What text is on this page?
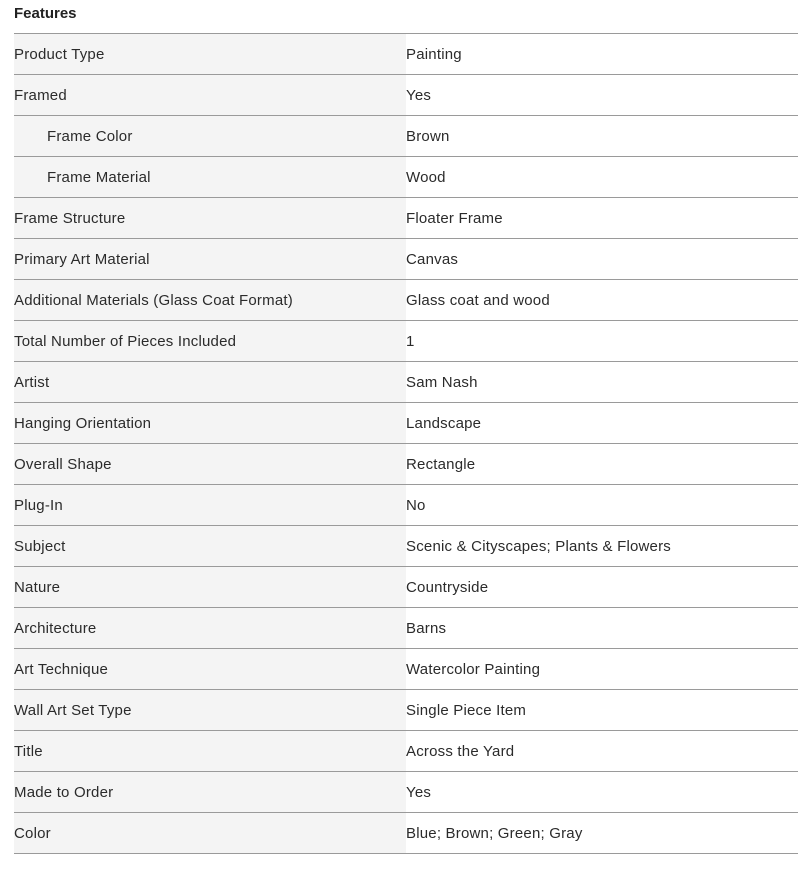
Features
Product Type	Painting
Framed	Yes
Frame Color	Brown
Frame Material	Wood
Frame Structure	Floater Frame
Primary Art Material	Canvas
Additional Materials (Glass Coat Format)	Glass coat and wood
Total Number of Pieces Included	1
Artist	Sam Nash
Hanging Orientation	Landscape
Overall Shape	Rectangle
Plug-In	No
Subject	Scenic & Cityscapes; Plants & Flowers
Nature	Countryside
Architecture	Barns
Art Technique	Watercolor Painting
Wall Art Set Type	Single Piece Item
Title	Across the Yard
Made to Order	Yes
Color	Blue; Brown; Green; Gray
